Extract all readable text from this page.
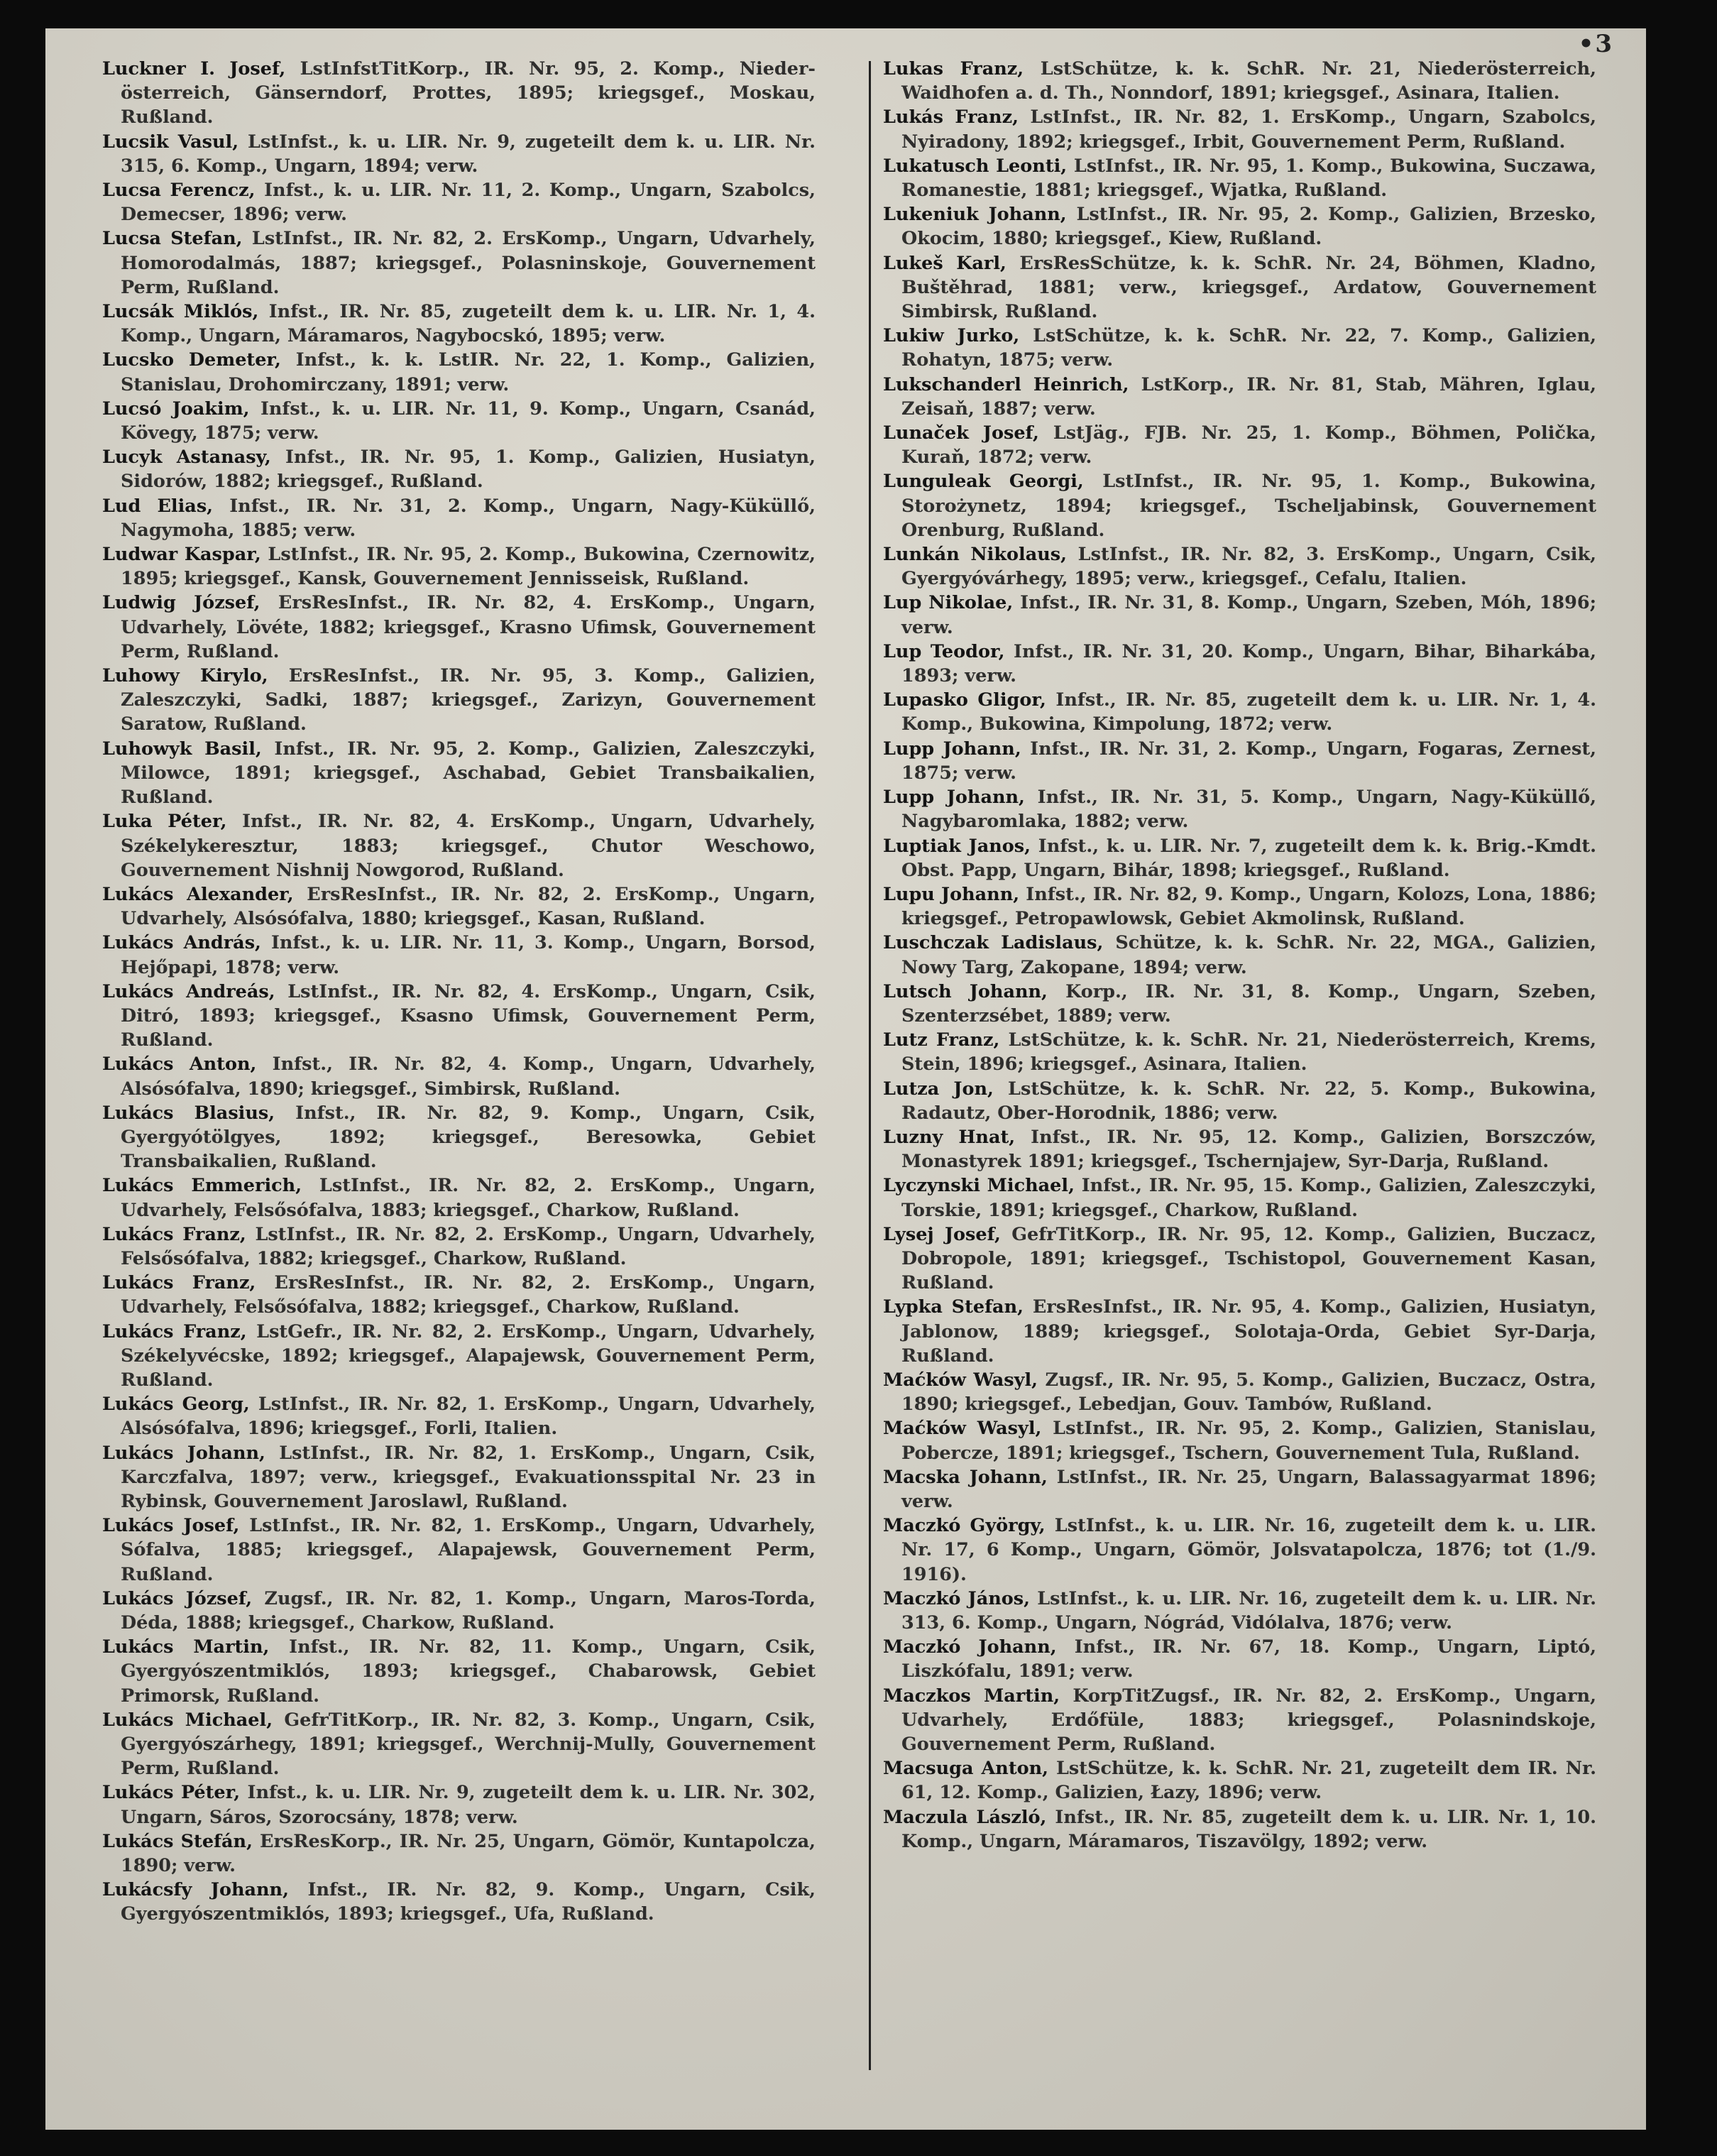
•3

Luckner I. Josef, LstInfstTitKorp., IR. Nr. 95, 2. Komp., Nieder-österreich, Gänserndorf, Prottes, 1895; kriegsgef., Moskau, Rußland.

Lucsik Vasul, LstInfst., k. u. LIR. Nr. 9, zugeteilt dem k. u. LIR. Nr. 315, 6. Komp., Ungarn, 1894; verw.

Lucsa Ferencz, Infst., k. u. LIR. Nr. 11, 2. Komp., Ungarn, Szabolcs, Demecser, 1896; verw.

Lucsa Stefan, LstInfst., IR. Nr. 82, 2. ErsKomp., Ungarn, Udvarhely, Homorodalmás, 1887; kriegsgef., Polasninskoje, Gouvernement Perm, Rußland.

Lucsák Miklós, Infst., IR. Nr. 85, zugeteilt dem k. u. LIR. Nr. 1, 4. Komp., Ungarn, Máramaros, Nagybocskó, 1895; verw.

Lucsko Demeter, Infst., k. k. LstIR. Nr. 22, 1. Komp., Galizien, Stanislau, Drohomirczany, 1891; verw.

Lucsó Joakim, Infst., k. u. LIR. Nr. 11, 9. Komp., Ungarn, Csanád, Kövegy, 1875; verw.

Lucyk Astanasy, Infst., IR. Nr. 95, 1. Komp., Galizien, Husiatyn, Sidorów, 1882; kriegsgef., Rußland.

Lud Elias, Infst., IR. Nr. 31, 2. Komp., Ungarn, Nagy-Küküllő, Nagymoha, 1885; verw.

Ludwar Kaspar, LstInfst., IR. Nr. 95, 2. Komp., Bukowina, Czernowitz, 1895; kriegsgef., Kansk, Gouvernement Jennisseisk, Rußland.

Ludwig József, ErsResInfst., IR. Nr. 82, 4. ErsKomp., Ungarn, Udvarhely, Lövéte, 1882; kriegsgef., Krasno Ufimsk, Gouvernement Perm, Rußland.

Luhowy Kirylo, ErsResInfst., IR. Nr. 95, 3. Komp., Galizien, Zaleszczyki, Sadki, 1887; kriegsgef., Zarizyn, Gouvernement Saratow, Rußland.

Luhowyk Basil, Infst., IR. Nr. 95, 2. Komp., Galizien, Zaleszczyki, Milowce, 1891; kriegsgef., Aschabad, Gebiet Transbaikalien, Rußland.

Luka Péter, Infst., IR. Nr. 82, 4. ErsKomp., Ungarn, Udvarhely, Székelykeresztur, 1883; kriegsgef., Chutor Weschowo, Gouvernement Nishnij Nowgorod, Rußland.

Lukács Alexander, ErsResInfst., IR. Nr. 82, 2. ErsKomp., Ungarn, Udvarhely, Alsósófalva, 1880; kriegsgef., Kasan, Rußland.

Lukács András, Infst., k. u. LIR. Nr. 11, 3. Komp., Ungarn, Borsod, Hejőpapi, 1878; verw.

Lukács Andreás, LstInfst., IR. Nr. 82, 4. ErsKomp., Ungarn, Csik, Ditró, 1893; kriegsgef., Ksasno Ufimsk, Gouvernement Perm, Rußland.

Lukács Anton, Infst., IR. Nr. 82, 4. Komp., Ungarn, Udvarhely, Alsósófalva, 1890; kriegsgef., Simbirsk, Rußland.

Lukács Blasius, Infst., IR. Nr. 82, 9. Komp., Ungarn, Csik, Gyergyótölgyes, 1892; kriegsgef., Beresowka, Gebiet Transbaikalien, Rußland.

Lukács Emmerich, LstInfst., IR. Nr. 82, 2. ErsKomp., Ungarn, Udvarhely, Felsősófalva, 1883; kriegsgef., Charkow, Rußland.

Lukács Franz, LstInfst., IR. Nr. 82, 2. ErsKomp., Ungarn, Udvarhely, Felsősófalva, 1882; kriegsgef., Charkow, Rußland.

Lukács Franz, ErsResInfst., IR. Nr. 82, 2. ErsKomp., Ungarn, Udvarhely, Felsősófalva, 1882; kriegsgef., Charkow, Rußland.

Lukács Franz, LstGefr., IR. Nr. 82, 2. ErsKomp., Ungarn, Udvarhely, Székelyvécske, 1892; kriegsgef., Alapajewsk, Gouvernement Perm, Rußland.

Lukács Georg, LstInfst., IR. Nr. 82, 1. ErsKomp., Ungarn, Udvarhely, Alsósófalva, 1896; kriegsgef., Forli, Italien.

Lukács Johann, LstInfst., IR. Nr. 82, 1. ErsKomp., Ungarn, Csik, Karczfalva, 1897; verw., kriegsgef., Evakuationsspital Nr. 23 in Rybinsk, Gouvernement Jaroslawl, Rußland.

Lukács Josef, LstInfst., IR. Nr. 82, 1. ErsKomp., Ungarn, Udvarhely, Sófalva, 1885; kriegsgef., Alapajewsk, Gouvernement Perm, Rußland.

Lukács József, Zugsf., IR. Nr. 82, 1. Komp., Ungarn, Maros-Torda, Déda, 1888; kriegsgef., Charkow, Rußland.

Lukács Martin, Infst., IR. Nr. 82, 11. Komp., Ungarn, Csik, Gyergyószentmiklós, 1893; kriegsgef., Chabarowsk, Gebiet Primorsk, Rußland.

Lukács Michael, GefrTitKorp., IR. Nr. 82, 3. Komp., Ungarn, Csik, Gyergyószárhegy, 1891; kriegsgef., Werchnij-Mully, Gouvernement Perm, Rußland.

Lukács Péter, Infst., k. u. LIR. Nr. 9, zugeteilt dem k. u. LIR. Nr. 302, Ungarn, Sáros, Szorocsány, 1878; verw.

Lukács Stefán, ErsResKorp., IR. Nr. 25, Ungarn, Gömör, Kuntapolcza, 1890; verw.

Lukácsfy Johann, Infst., IR. Nr. 82, 9. Komp., Ungarn, Csik, Gyergyószentmiklós, 1893; kriegsgef., Ufa, Rußland.

Lukas Franz, LstSchütze, k. k. SchR. Nr. 21, Niederösterreich, Waidhofen a. d. Th., Nonndorf, 1891; kriegsgef., Asinara, Italien.

Lukás Franz, LstInfst., IR. Nr. 82, 1. ErsKomp., Ungarn, Szabolcs, Nyiradony, 1892; kriegsgef., Irbit, Gouvernement Perm, Rußland.

Lukatusch Leonti, LstInfst., IR. Nr. 95, 1. Komp., Bukowina, Suczawa, Romanestie, 1881; kriegsgef., Wjatka, Rußland.

Lukeniuk Johann, LstInfst., IR. Nr. 95, 2. Komp., Galizien, Brzesko, Okocim, 1880; kriegsgef., Kiew, Rußland.

Lukeš Karl, ErsResSchütze, k. k. SchR. Nr. 24, Böhmen, Kladno, Buštěhrad, 1881; verw., kriegsgef., Ardatow, Gouvernement Simbirsk, Rußland.

Lukiw Jurko, LstSchütze, k. k. SchR. Nr. 22, 7. Komp., Galizien, Rohatyn, 1875; verw.

Lukschanderl Heinrich, LstKorp., IR. Nr. 81, Stab, Mähren, Iglau, Zeisaň, 1887; verw.

Lunaček Josef, LstJäg., FJB. Nr. 25, 1. Komp., Böhmen, Polička, Kuraň, 1872; verw.

Lunguleak Georgi, LstInfst., IR. Nr. 95, 1. Komp., Bukowina, Storożynetz, 1894; kriegsgef., Tscheljabinsk, Gouvernement Orenburg, Rußland.

Lunkán Nikolaus, LstInfst., IR. Nr. 82, 3. ErsKomp., Ungarn, Csik, Gyergyóvárhegy, 1895; verw., kriegsgef., Cefalu, Italien.

Lup Nikolae, Infst., IR. Nr. 31, 8. Komp., Ungarn, Szeben, Móh, 1896; verw.

Lup Teodor, Infst., IR. Nr. 31, 20. Komp., Ungarn, Bihar, Biharkába, 1893; verw.

Lupasko Gligor, Infst., IR. Nr. 85, zugeteilt dem k. u. LIR. Nr. 1, 4. Komp., Bukowina, Kimpolung, 1872; verw.

Lupp Johann, Infst., IR. Nr. 31, 2. Komp., Ungarn, Fogaras, Zernest, 1875; verw.

Lupp Johann, Infst., IR. Nr. 31, 5. Komp., Ungarn, Nagy-Küküllő, Nagybaromlaka, 1882; verw.

Luptiak Janos, Infst., k. u. LIR. Nr. 7, zugeteilt dem k. k. Brig.-Kmdt. Obst. Papp, Ungarn, Bihár, 1898; kriegsgef., Rußland.

Lupu Johann, Infst., IR. Nr. 82, 9. Komp., Ungarn, Kolozs, Lona, 1886; kriegsgef., Petropawlowsk, Gebiet Akmolinsk, Rußland.

Luschczak Ladislaus, Schütze, k. k. SchR. Nr. 22, MGA., Galizien, Nowy Targ, Zakopane, 1894; verw.

Lutsch Johann, Korp., IR. Nr. 31, 8. Komp., Ungarn, Szeben, Szenterzsébet, 1889; verw.

Lutz Franz, LstSchütze, k. k. SchR. Nr. 21, Niederösterreich, Krems, Stein, 1896; kriegsgef., Asinara, Italien.

Lutza Jon, LstSchütze, k. k. SchR. Nr. 22, 5. Komp., Bukowina, Radautz, Ober-Horodnik, 1886; verw.

Luzny Hnat, Infst., IR. Nr. 95, 12. Komp., Galizien, Borszczów, Monastyrek 1891; kriegsgef., Tschernjajew, Syr-Darja, Rußland.

Lyczynski Michael, Infst., IR. Nr. 95, 15. Komp., Galizien, Zaleszczyki, Torskie, 1891; kriegsgef., Charkow, Rußland.

Lysej Josef, GefrTitKorp., IR. Nr. 95, 12. Komp., Galizien, Buczacz, Dobropole, 1891; kriegsgef., Tschistopol, Gouvernement Kasan, Rußland.

Lypka Stefan, ErsResInfst., IR. Nr. 95, 4. Komp., Galizien, Husiatyn, Jablonow, 1889; kriegsgef., Solotaja-Orda, Gebiet Syr-Darja, Rußland.

Maćków Wasyl, Zugsf., IR. Nr. 95, 5. Komp., Galizien, Buczacz, Ostra, 1890; kriegsgef., Lebedjan, Gouv. Tambów, Rußland.

Maćków Wasyl, LstInfst., IR. Nr. 95, 2. Komp., Galizien, Stanislau, Pobercze, 1891; kriegsgef., Tschern, Gouvernement Tula, Rußland.

Macska Johann, LstInfst., IR. Nr. 25, Ungarn, Balassagyarmat 1896; verw.

Maczkó György, LstInfst., k. u. LIR. Nr. 16, zugeteilt dem k. u. LIR. Nr. 17, 6 Komp., Ungarn, Gömör, Jolsvatapolcza, 1876; tot (1./9. 1916).

Maczkó János, LstInfst., k. u. LIR. Nr. 16, zugeteilt dem k. u. LIR. Nr. 313, 6. Komp., Ungarn, Nógrád, Vidólalva, 1876; verw.

Maczkó Johann, Infst., IR. Nr. 67, 18. Komp., Ungarn, Liptó, Liszkófalu, 1891; verw.

Maczkos Martin, KorpTitZugsf., IR. Nr. 82, 2. ErsKomp., Ungarn, Udvarhely, Erdőfüle, 1883; kriegsgef., Polasnindskoje, Gouvernement Perm, Rußland.

Macsuga Anton, LstSchütze, k. k. SchR. Nr. 21, zugeteilt dem IR. Nr. 61, 12. Komp., Galizien, Łazy, 1896; verw.

Maczula László, Infst., IR. Nr. 85, zugeteilt dem k. u. LIR. Nr. 1, 10. Komp., Ungarn, Máramaros, Tiszavölgy, 1892; verw.
